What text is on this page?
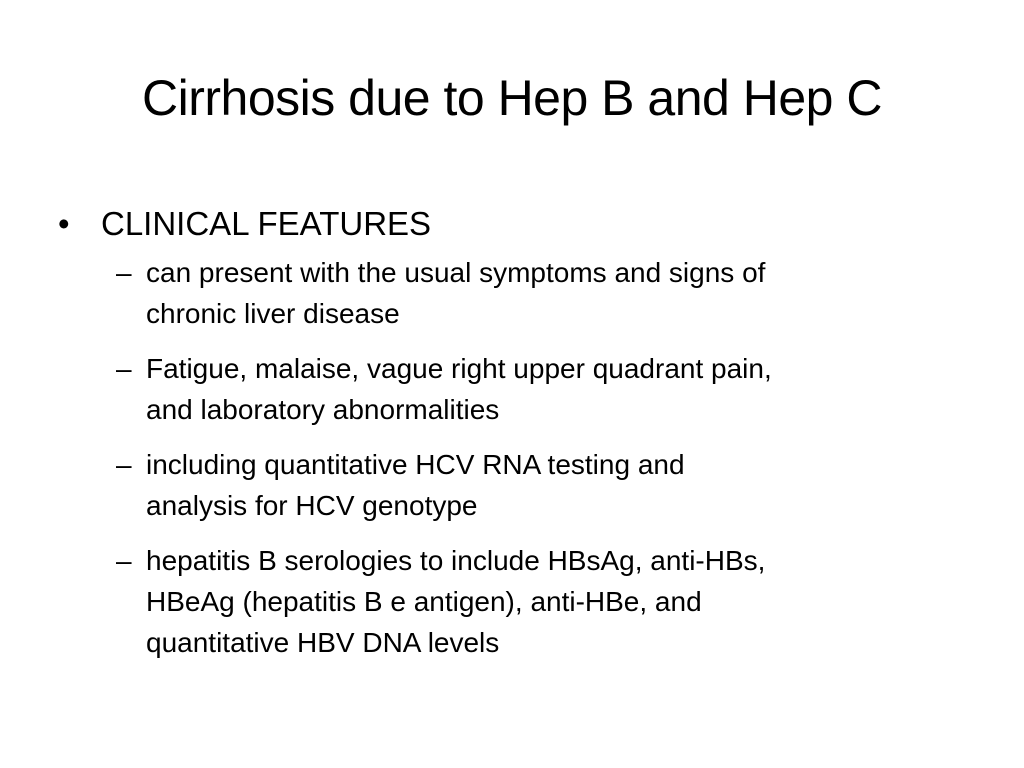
Cirrhosis due to Hep B and Hep C
• CLINICAL FEATURES
– can present with the usual symptoms and signs of
chronic liver disease
– Fatigue, malaise, vague right upper quadrant pain,
and laboratory abnormalities
– including quantitative HCV RNA testing and
analysis for HCV genotype
– hepatitis B serologies to include HBsAg, anti-HBs,
HBeAg (hepatitis B e antigen), anti-HBe, and
quantitative HBV DNA levels
